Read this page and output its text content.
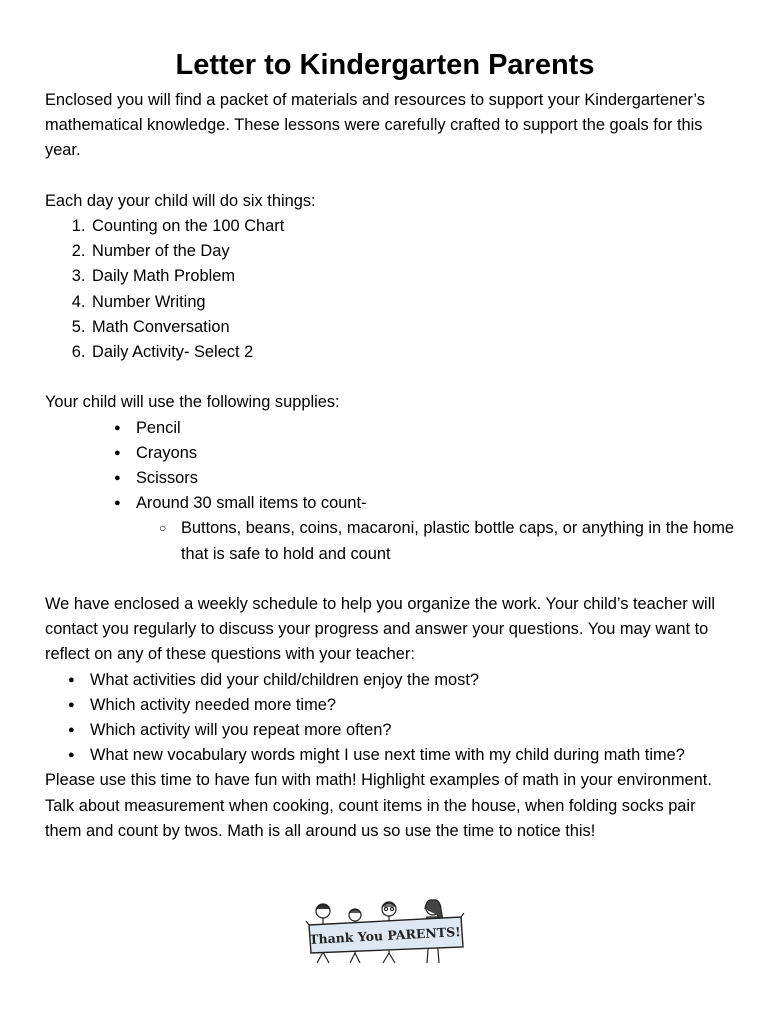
Letter to Kindergarten Parents

Enclosed you will find a packet of materials and resources to support your Kindergartener’s mathematical knowledge. These lessons were carefully crafted to support the goals for this year.

Each day your child will do six things:

1. Counting on the 100 Chart
2. Number of the Day
3. Daily Math Problem
4. Number Writing
5. Math Conversation
6. Daily Activity- Select 2

Your child will use the following supplies:

● Pencil
● Crayons
● Scissors
● Around 30 small items to count-
○ Buttons, beans, coins, macaroni, plastic bottle caps, or anything in the home that is safe to hold and count

We have enclosed a weekly schedule to help you organize the work. Your child’s teacher will contact you regularly to discuss your progress and answer your questions. You may want to reflect on any of these questions with your teacher:

● What activities did your child/children enjoy the most?
● Which activity needed more time?
● Which activity will you repeat more often?
● What new vocabulary words might I use next time with my child during math time?

Please use this time to have fun with math! Highlight examples of math in your environment. Talk about measurement when cooking, count items in the house, when folding socks pair them and count by twos. Math is all around us so use the time to notice this!

Thank You PARENTS!
